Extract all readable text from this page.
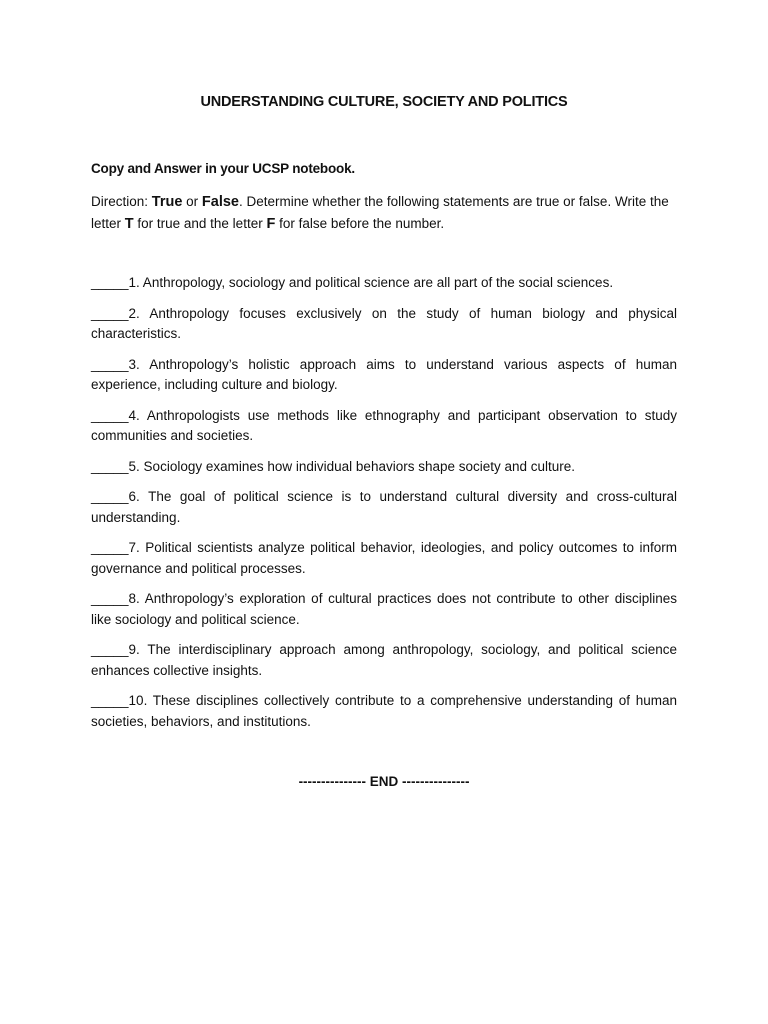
UNDERSTANDING CULTURE, SOCIETY AND POLITICS
Copy and Answer in your UCSP notebook.
Direction: True or False. Determine whether the following statements are true or false. Write the letter T for true and the letter F for false before the number.
_____1. Anthropology, sociology and political science are all part of the social sciences.
_____2. Anthropology focuses exclusively on the study of human biology and physical characteristics.
_____3. Anthropology’s holistic approach aims to understand various aspects of human experience, including culture and biology.
_____4. Anthropologists use methods like ethnography and participant observation to study communities and societies.
_____5. Sociology examines how individual behaviors shape society and culture.
_____6. The goal of political science is to understand cultural diversity and cross-cultural understanding.
_____7. Political scientists analyze political behavior, ideologies, and policy outcomes to inform governance and political processes.
_____8. Anthropology’s exploration of cultural practices does not contribute to other disciplines like sociology and political science.
_____9. The interdisciplinary approach among anthropology, sociology, and political science enhances collective insights.
_____10. These disciplines collectively contribute to a comprehensive understanding of human societies, behaviors, and institutions.
--------------- END ---------------
